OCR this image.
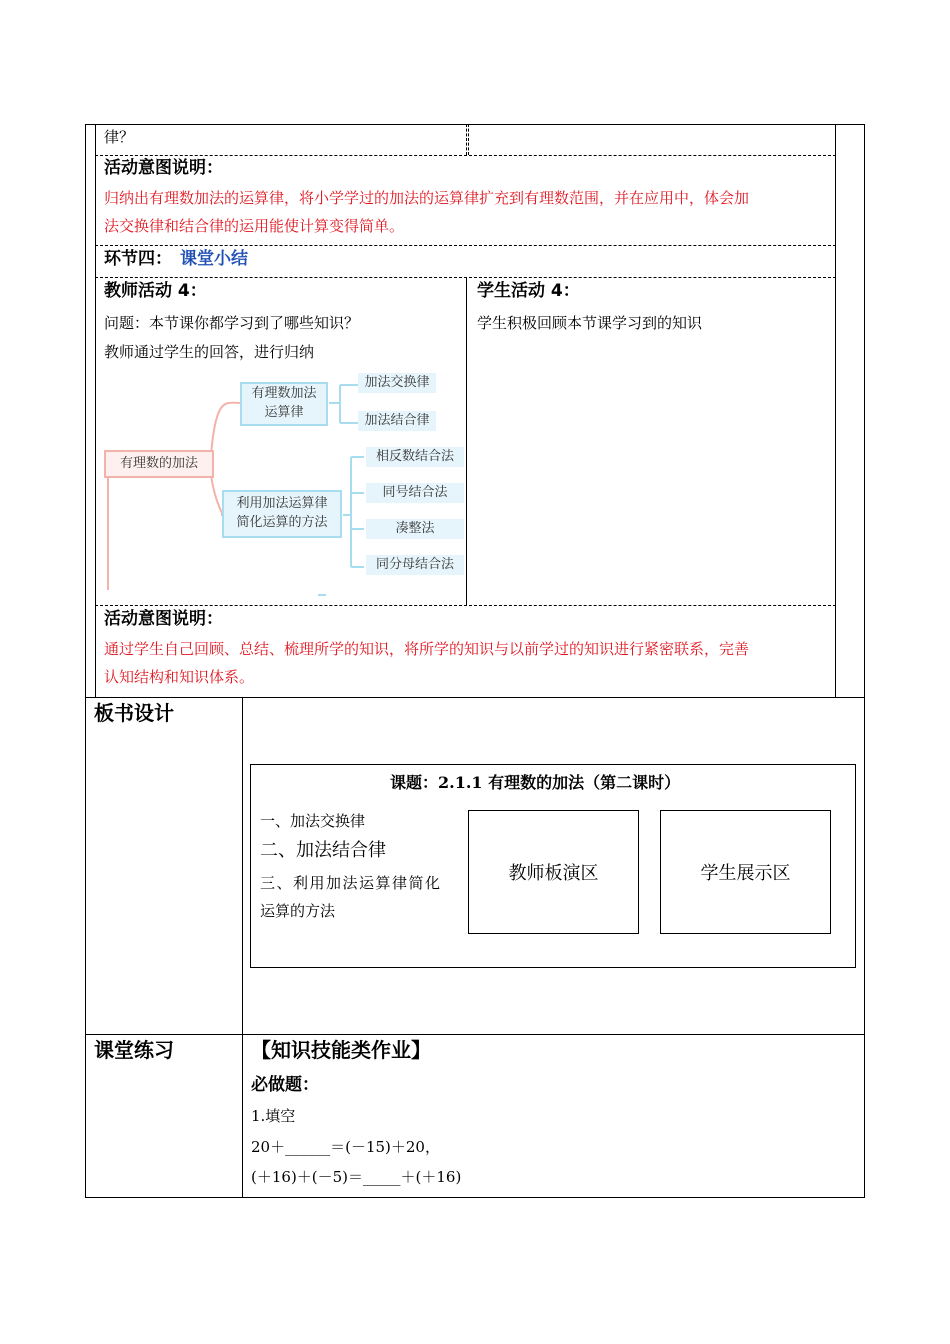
律？
活动意图说明：
归纳出有理数加法的运算律，将小学学过的加法的运算律扩充到有理数范围，并在应用中，体会加
法交换律和结合律的运用能使计算变得简单。
环节四： 课堂小结
教师活动 4：	学生活动 4：
问题：本节课你都学习到了哪些知识？
教师通过学生的回答，进行归纳
学生积极回顾本节课学习到的知识
有理数的加法
有理数加法
运算律
利用加法运算律
简化运算的方法
加法交换律
加法结合律
相反数结合法
同号结合法
凑整法
同分母结合法
活动意图说明：
通过学生自己回顾、总结、梳理所学的知识，将所学的知识与以前学过的知识进行紧密联系，完善
认知结构和知识体系。
板书设计
课题：2.1.1 有理数的加法（第二课时）
一、加法交换律
二、加法结合律
三、利用加法运算律简化
运算的方法
教师板演区	学生展示区
课堂练习	【知识技能类作业】
必做题：
1.填空
20＋______＝(－15)＋20，
(＋16)＋(－5)＝_____＋(＋16)
